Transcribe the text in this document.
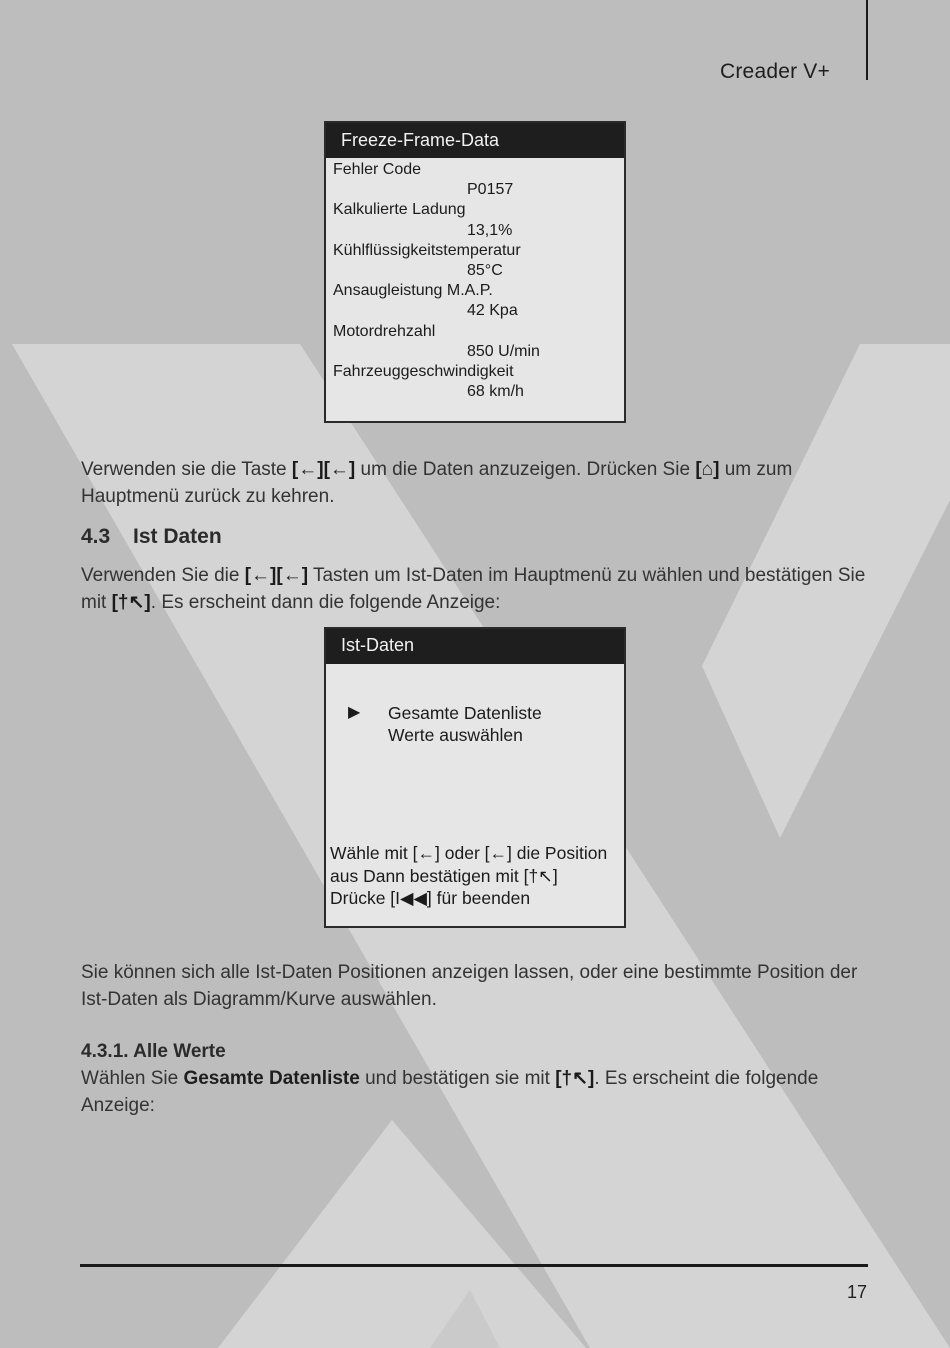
Creader V+
Freeze-Frame-Data
Fehler Code
P0157
Kalkulierte Ladung
13,1%
Kühlflüssigkeitstemperatur
85°C
Ansaugleistung M.A.P.
42 Kpa
Motordrehzahl
850 U/min
Fahrzeuggeschwindigkeit
68 km/h
Verwenden sie die Taste [←][←] um die Daten anzuzeigen. Drücken Sie [⌂] um zum Hauptmenü zurück zu kehren.
4.3 Ist Daten
Verwenden Sie die [←][←] Tasten um Ist-Daten im Hauptmenü zu wählen und bestätigen Sie mit [†↖]. Es erscheint dann die folgende Anzeige:
Ist-Daten
▶	Gesamte Datenliste
Werte auswählen
Wähle mit [←] oder [←] die Position
aus Dann bestätigen mit [†↖]
Drücke [I◀◀] für beenden
Sie können sich alle Ist-Daten Positionen anzeigen lassen, oder eine bestimmte Position der Ist-Daten als Diagramm/Kurve auswählen.
4.3.1. Alle Werte
Wählen Sie Gesamte Datenliste und bestätigen sie mit [†↖]. Es erscheint die folgende Anzeige:
17
